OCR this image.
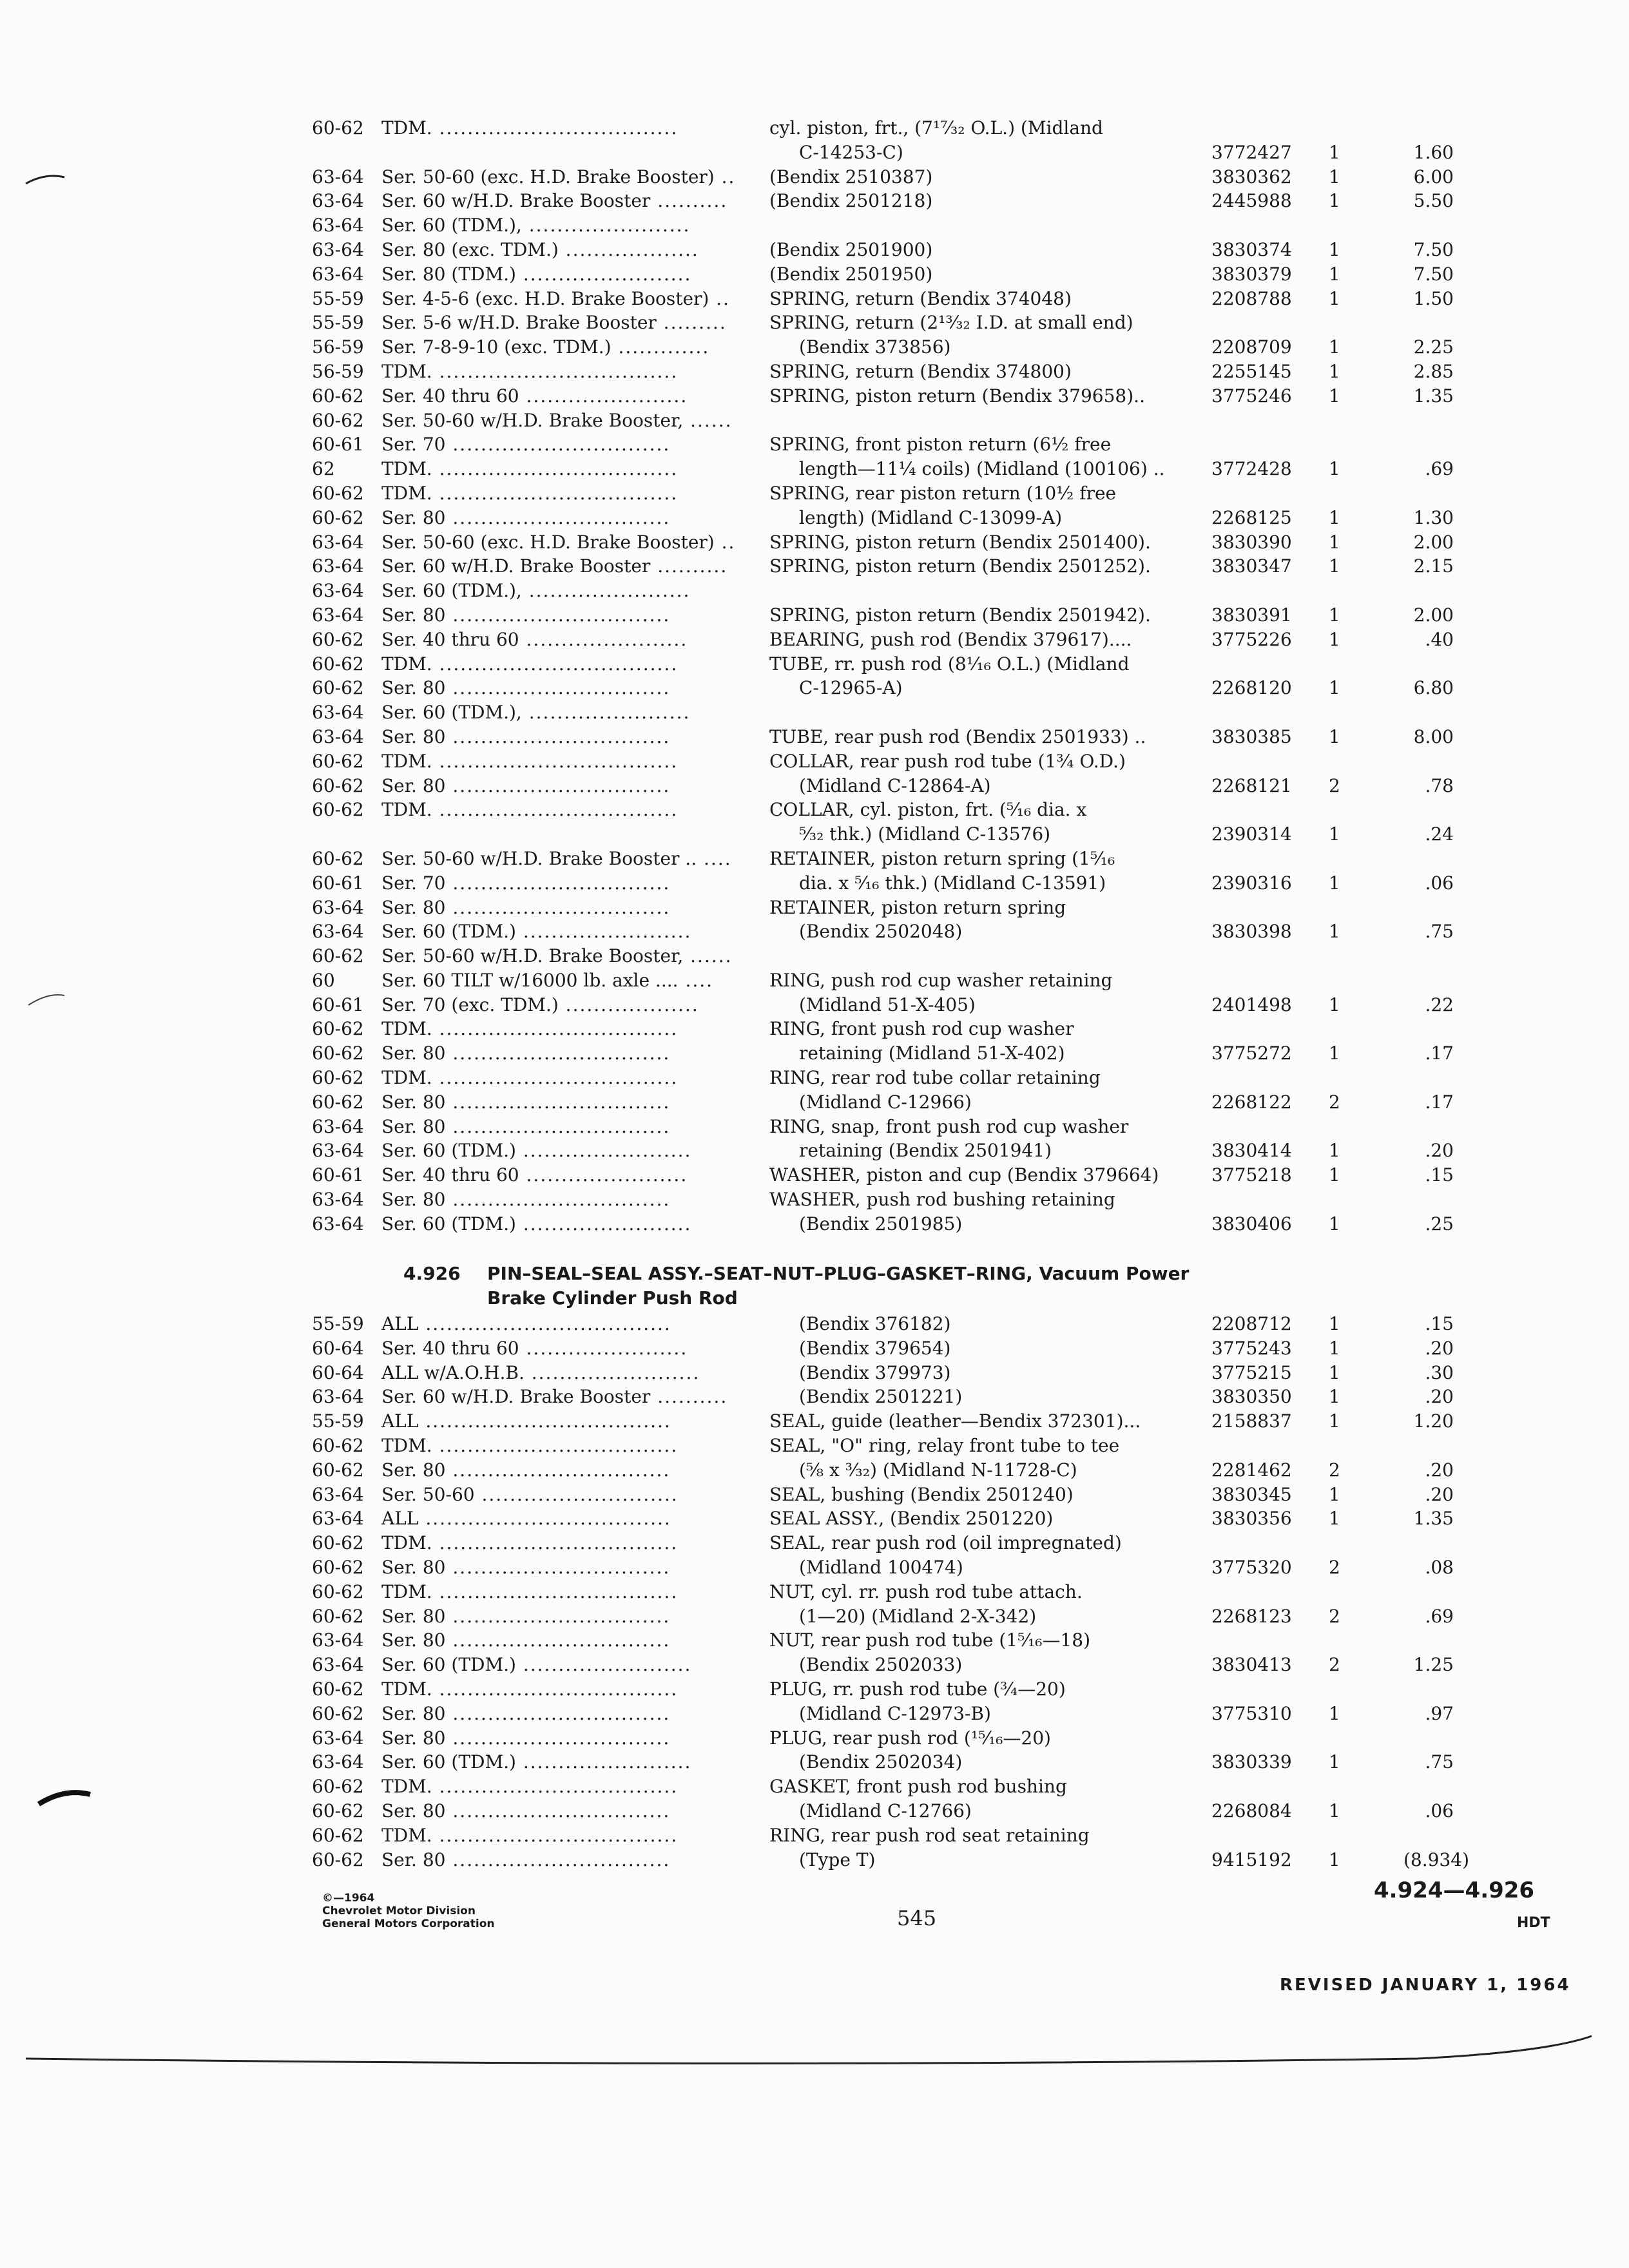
60-62 TDM. ..................................	cyl. piston, frt., (7¹⁷⁄₃₂ O.L.) (Midland
C-14253-C)	3772427 1	1.60
63-64 Ser. 50-60 (exc. H.D. Brake Booster) ..	(Bendix 2510387)	3830362 1	6.00
63-64 Ser. 60 w/H.D. Brake Booster ..........	(Bendix 2501218)	2445988 1	5.50
63-64 Ser. 60 (TDM.), .......................
63-64 Ser. 80 (exc. TDM.) ...................	(Bendix 2501900)	3830374 1	7.50
63-64 Ser. 80 (TDM.) ........................	(Bendix 2501950)	3830379 1	7.50
55-59 Ser. 4-5-6 (exc. H.D. Brake Booster) ..	SPRING, return (Bendix 374048)	2208788 1	1.50
55-59 Ser. 5-6 w/H.D. Brake Booster .........	SPRING, return (2¹³⁄₃₂ I.D. at small end)
56-59 Ser. 7-8-9-10 (exc. TDM.) .............	(Bendix 373856)	2208709 1	2.25
56-59 TDM. ..................................	SPRING, return (Bendix 374800)	2255145 1	2.85
60-62 Ser. 40 thru 60 .......................	SPRING, piston return (Bendix 379658)..	3775246 1	1.35
60-62 Ser. 50-60 w/H.D. Brake Booster, ......
60-61 Ser. 70 ...............................	SPRING, front piston return (6½ free
62	TDM. ..................................	length—11¼ coils) (Midland (100106) ..	3772428 1	.69
60-62 TDM. ..................................	SPRING, rear piston return (10½ free
60-62 Ser. 80 ...............................	length) (Midland C-13099-A)	2268125 1	1.30
63-64 Ser. 50-60 (exc. H.D. Brake Booster) ..	SPRING, piston return (Bendix 2501400).	3830390 1	2.00
63-64 Ser. 60 w/H.D. Brake Booster ..........	SPRING, piston return (Bendix 2501252).	3830347 1	2.15
63-64 Ser. 60 (TDM.), .......................
63-64 Ser. 80 ...............................	SPRING, piston return (Bendix 2501942).	3830391 1	2.00
60-62 Ser. 40 thru 60 .......................	BEARING, push rod (Bendix 379617)....	3775226 1	.40
60-62 TDM. ..................................	TUBE, rr. push rod (8¹⁄₁₆ O.L.) (Midland
60-62 Ser. 80 ...............................	C-12965-A)	2268120 1	6.80
63-64 Ser. 60 (TDM.), .......................
63-64 Ser. 80 ...............................	TUBE, rear push rod (Bendix 2501933) ..	3830385 1	8.00
60-62 TDM. ..................................	COLLAR, rear push rod tube (1¾ O.D.)
60-62 Ser. 80 ...............................	(Midland C-12864-A)	2268121 2	.78
60-62 TDM. ..................................	COLLAR, cyl. piston, frt. (⁵⁄₁₆ dia. x
⁵⁄₃₂ thk.) (Midland C-13576)	2390314 1	.24
60-62 Ser. 50-60 w/H.D. Brake Booster .. ....	RETAINER, piston return spring (1⁵⁄₁₆
60-61 Ser. 70 ...............................	dia. x ⁵⁄₁₆ thk.) (Midland C-13591)	2390316 1	.06
63-64 Ser. 80 ...............................	RETAINER, piston return spring
63-64 Ser. 60 (TDM.) ........................	(Bendix 2502048)	3830398 1	.75
60-62 Ser. 50-60 w/H.D. Brake Booster, ......
60	Ser. 60 TILT w/16000 lb. axle .... ....	RING, push rod cup washer retaining
60-61 Ser. 70 (exc. TDM.) ...................	(Midland 51-X-405)	2401498 1	.22
60-62 TDM. ..................................	RING, front push rod cup washer
60-62 Ser. 80 ...............................	retaining (Midland 51-X-402)	3775272 1	.17
60-62 TDM. ..................................	RING, rear rod tube collar retaining
60-62 Ser. 80 ...............................	(Midland C-12966)	2268122 2	.17
63-64 Ser. 80 ...............................	RING, snap, front push rod cup washer
63-64 Ser. 60 (TDM.) ........................	retaining (Bendix 2501941)	3830414 1	.20
60-61 Ser. 40 thru 60 .......................	WASHER, piston and cup (Bendix 379664)	3775218 1	.15
63-64 Ser. 80 ...............................	WASHER, push rod bushing retaining
63-64 Ser. 60 (TDM.) ........................	(Bendix 2501985)	3830406 1	.25
4.926 PIN–SEAL–SEAL ASSY.–SEAT–NUT–PLUG–GASKET–RING, Vacuum Power
Brake Cylinder Push Rod
55-59 ALL ...................................	(Bendix 376182)	2208712 1	.15
60-64 Ser. 40 thru 60 .......................	(Bendix 379654)	3775243 1	.20
60-64 ALL w/A.O.H.B. ........................	(Bendix 379973)	3775215 1	.30
63-64 Ser. 60 w/H.D. Brake Booster ..........	(Bendix 2501221)	3830350 1	.20
55-59 ALL ...................................	SEAL, guide (leather—Bendix 372301)...	2158837 1	1.20
60-62 TDM. ..................................	SEAL, "O" ring, relay front tube to tee
60-62 Ser. 80 ...............................	(⅝ x ³⁄₃₂) (Midland N-11728-C)	2281462 2	.20
63-64 Ser. 50-60 ............................	SEAL, bushing (Bendix 2501240)	3830345 1	.20
63-64 ALL ...................................	SEAL ASSY., (Bendix 2501220)	3830356 1	1.35
60-62 TDM. ..................................	SEAL, rear push rod (oil impregnated)
60-62 Ser. 80 ...............................	(Midland 100474)	3775320 2	.08
60-62 TDM. ..................................	NUT, cyl. rr. push rod tube attach.
60-62 Ser. 80 ...............................	(1—20) (Midland 2-X-342)	2268123 2	.69
63-64 Ser. 80 ...............................	NUT, rear push rod tube (1⁵⁄₁₆—18)
63-64 Ser. 60 (TDM.) ........................	(Bendix 2502033)	3830413 2	1.25
60-62 TDM. ..................................	PLUG, rr. push rod tube (¾—20)
60-62 Ser. 80 ...............................	(Midland C-12973-B)	3775310 1	.97
63-64 Ser. 80 ...............................	PLUG, rear push rod (¹⁵⁄₁₆—20)
63-64 Ser. 60 (TDM.) ........................	(Bendix 2502034)	3830339 1	.75
60-62 TDM. ..................................	GASKET, front push rod bushing
60-62 Ser. 80 ...............................	(Midland C-12766)	2268084 1	.06
60-62 TDM. ..................................	RING, rear push rod seat retaining
60-62 Ser. 80 ...............................	(Type T)	9415192 1	(8.934)
©—1964
Chevrolet Motor Division
General Motors Corporation	545
4.924—4.926
HDT
REVISED JANUARY 1, 1964
